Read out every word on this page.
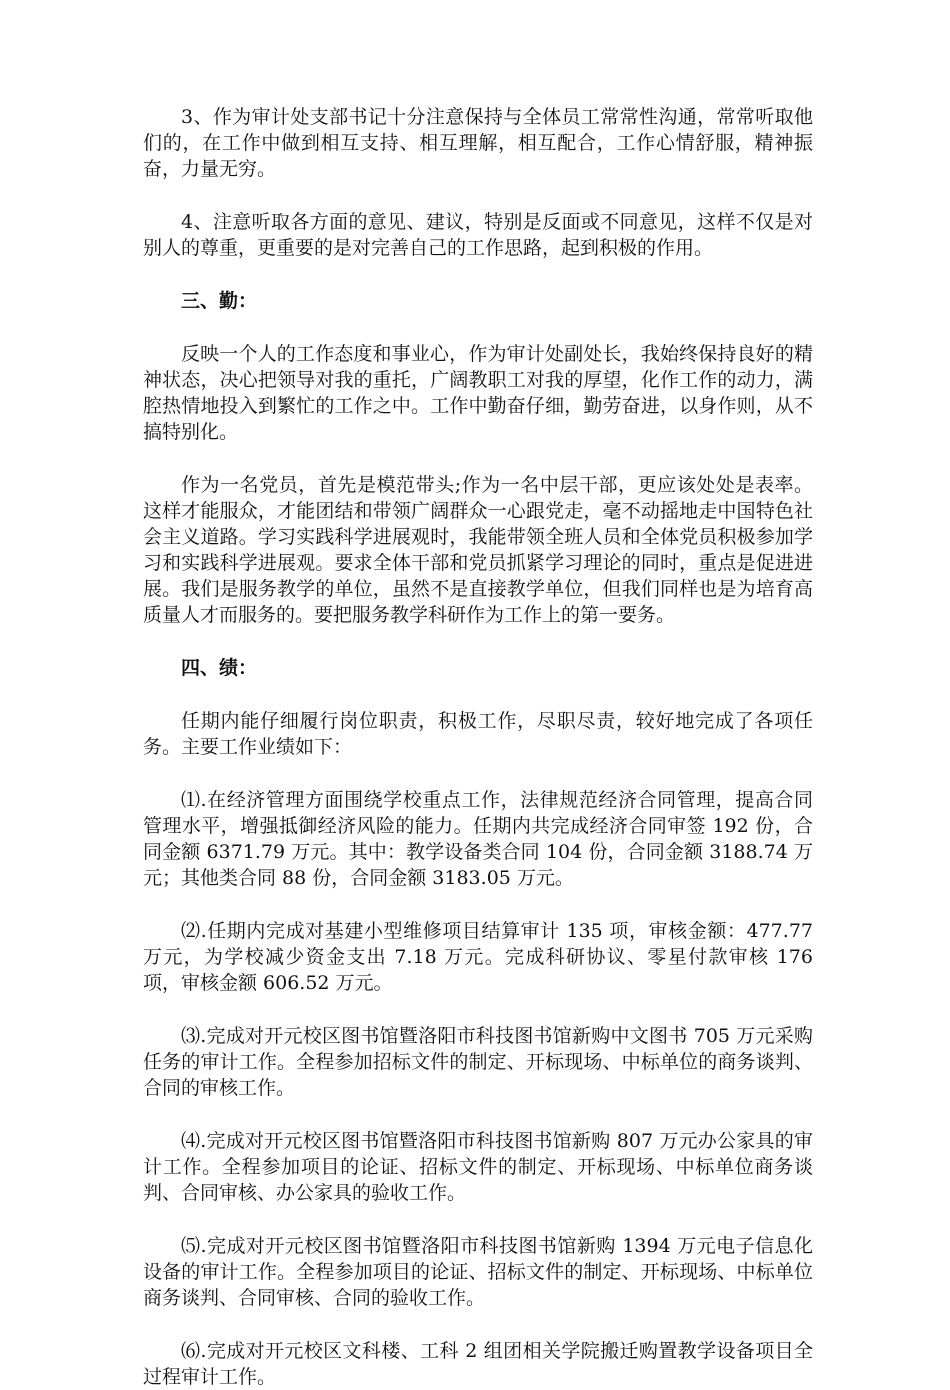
3、作为审计处支部书记十分注意保持与全体员工常常性沟通，常常听取他们的，在工作中做到相互支持、相互理解，相互配合，工作心情舒服，精神振奋，力量无穷。

4、注意听取各方面的意见、建议，特别是反面或不同意见，这样不仅是对别人的尊重，更重要的是对完善自己的工作思路，起到积极的作用。

三、勤：

反映一个人的工作态度和事业心，作为审计处副处长，我始终保持良好的精神状态，决心把领导对我的重托，广阔教职工对我的厚望，化作工作的动力，满腔热情地投入到繁忙的工作之中。工作中勤奋仔细，勤劳奋进，以身作则，从不搞特别化。

作为一名党员，首先是模范带头;作为一名中层干部，更应该处处是表率。这样才能服众，才能团结和带领广阔群众一心跟党走，毫不动摇地走中国特色社会主义道路。学习实践科学进展观时，我能带领全班人员和全体党员积极参加学习和实践科学进展观。要求全体干部和党员抓紧学习理论的同时，重点是促进进展。我们是服务教学的单位，虽然不是直接教学单位，但我们同样也是为培育高质量人才而服务的。要把服务教学科研作为工作上的第一要务。

四、绩：

任期内能仔细履行岗位职责，积极工作，尽职尽责，较好地完成了各项任务。主要工作业绩如下：

⑴.在经济管理方面围绕学校重点工作，法律规范经济合同管理，提高合同管理水平，增强抵御经济风险的能力。任期内共完成经济合同审签 192 份，合同金额 6371.79 万元。其中：教学设备类合同 104 份，合同金额 3188.74 万元；其他类合同 88 份，合同金额 3183.05 万元。

⑵.任期内完成对基建小型维修项目结算审计 135 项，审核金额：477.77 万元，为学校减少资金支出 7.18 万元。完成科研协议、零星付款审核 176 项，审核金额 606.52 万元。

⑶.完成对开元校区图书馆暨洛阳市科技图书馆新购中文图书 705 万元采购任务的审计工作。全程参加招标文件的制定、开标现场、中标单位的商务谈判、合同的审核工作。

⑷.完成对开元校区图书馆暨洛阳市科技图书馆新购 807 万元办公家具的审计工作。全程参加项目的论证、招标文件的制定、开标现场、中标单位商务谈判、合同审核、办公家具的验收工作。

⑸.完成对开元校区图书馆暨洛阳市科技图书馆新购 1394 万元电子信息化设备的审计工作。全程参加项目的论证、招标文件的制定、开标现场、中标单位商务谈判、合同审核、合同的验收工作。

⑹.完成对开元校区文科楼、工科 2 组团相关学院搬迁购置教学设备项目全过程审计工作。
